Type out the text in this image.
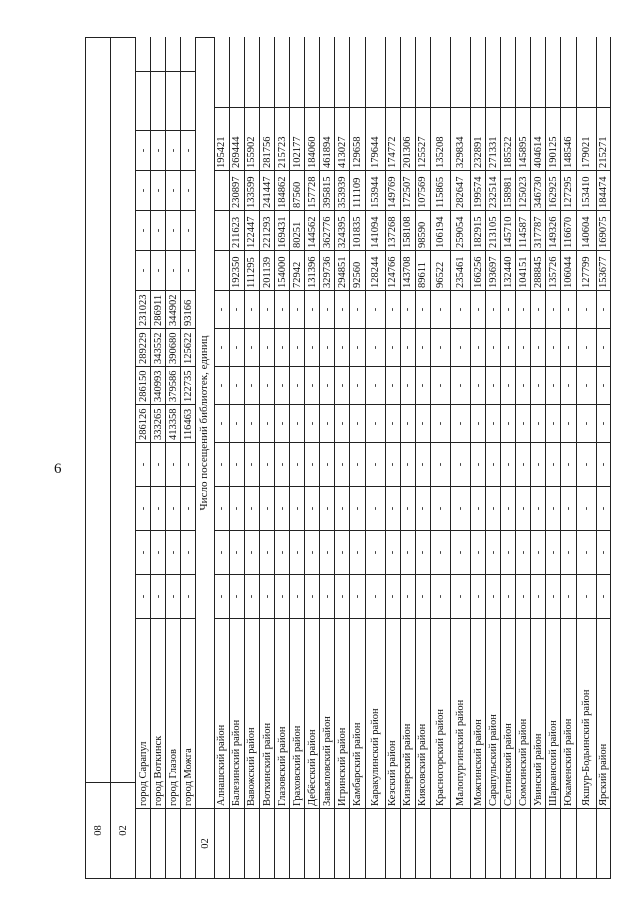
6
08	02
город Сарапул
-
-
-
-
286126
286150
289229
231023
-
-
-
-
город Воткинск
-
-
-
-
333265
340993
343552
286911
-
-
-
-
город Глазов
-
-
-
-
413358
379586
390680
344902
-
-
-
-
город Можга
-
-
-
-
116463
122735
125622
93166
-
-
-
-
02
Число посещений библиотек, единиц
Алнашский район
-
-
-
-
-
-
-
-
195421
Балезинский район
-
-
-
-
-
-
-
-
192350
211623
230897
269444
Вавожский район
-
-
-
-
-
-
-
-
111295
122447
133599
155902
Воткинский район
-
-
-
-
-
-
-
-
201139
221293
241447
281756
Глазовский район
-
-
-
-
-
-
-
-
154000
169431
184862
215723
Граховский район
-
-
-
-
-
-
-
-
72942
80251
87560
102177
Дебёсский район
-
-
-
-
-
-
-
-
131396
144562
157728
184060
Завьяловский район
-
-
-
-
-
-
-
-
329736
362776
395815
461894
Игринский район
-
-
-
-
-
-
-
-
294851
324395
353939
413027
Камбарский район
-
-
-
-
-
-
-
-
92560
101835
111109
129658
Каракулинский район
-
-
-
-
-
-
-
-
128244
141094
153944
179644
Кезский район
-
-
-
-
-
-
-
-
124766
137268
149769
174772
Кизнерский район
-
-
-
-
-
-
-
-
143708
158108
172507
201306
Киясовский район
-
-
-
-
-
-
-
-
89611
98590
107569
125527
Красногорский район
-
-
-
-
-
-
-
-
96522
106194
115865
135208
Малопургинский район
-
-
-
-
-
-
-
-
235461
259054
282647
329834
Можгинский район
-
-
-
-
-
-
-
-
166256
182915
199574
232891
Сарапульский район
-
-
-
-
-
-
-
-
193697
213105
232514
271331
Селтинский район
-
-
-
-
-
-
-
-
132440
145710
158981
185522
Сюмсинский район
-
-
-
-
-
-
-
-
104151
114587
125023
145895
Увинский район
-
-
-
-
-
-
-
-
288845
317787
346730
404614
Шарканский район
-
-
-
-
-
-
-
-
135726
149326
162925
190125
Юкаменский район
-
-
-
-
-
-
-
-
106044
116670
127295
148546
Якшур-Бодьинский район
-
-
-
-
-
-
-
-
127799
140604
153410
179021
Ярский район
-
-
-
-
-
-
-
-
153677
169075
184474
215271
